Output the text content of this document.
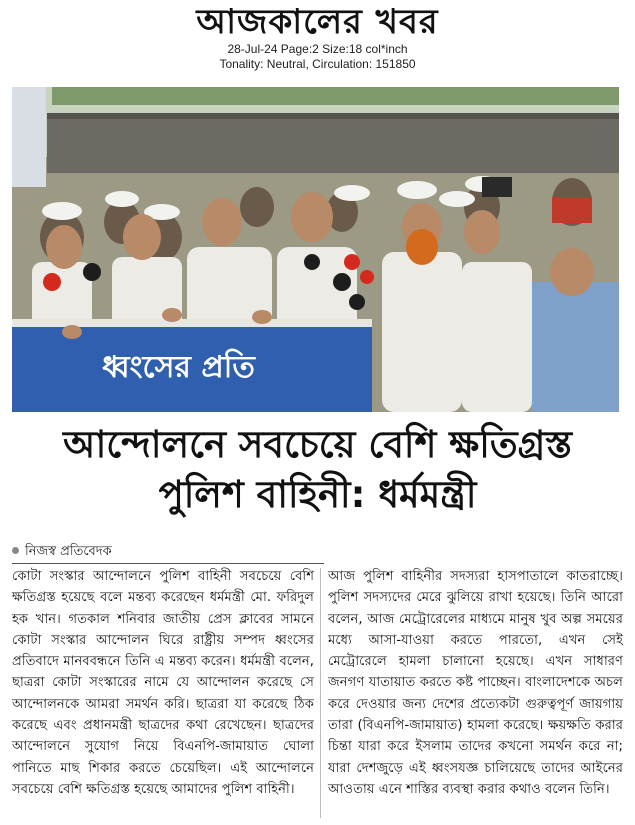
আজকালের খবর
28-Jul-24 Page:2 Size:18 col*inch
Tonality: Neutral, Circulation: 151850
ধ্বংসের প্রতি
আন্দোলনে সবচেয়ে বেশি ক্ষতিগ্রস্ত
পুলিশ বাহিনী: ধর্মমন্ত্রী
নিজস্ব প্রতিবেদক
কোটা সংস্কার আন্দোলনে পুলিশ বাহিনী সবচেয়ে বেশি ক্ষতিগ্রস্ত হয়েছে বলে মন্তব্য করেছেন ধর্মমন্ত্রী মো. ফরিদুল হক খান। গতকাল শনিবার জাতীয় প্রেস ক্লাবের সামনে কোটা সংস্কার আন্দোলন ঘিরে রাষ্ট্রীয় সম্পদ ধ্বংসের প্রতিবাদে মানববন্ধনে তিনি এ মন্তব্য করেন। ধর্মমন্ত্রী বলেন, ছাত্ররা কোটা সংস্কারের নামে যে আন্দোলন করেছে সে আন্দোলনকে আমরা সমর্থন করি। ছাত্ররা যা করেছে ঠিক করেছে এবং প্রধানমন্ত্রী ছাত্রদের কথা রেখেছেন। ছাত্রদের আন্দোলনে সুযোগ নিয়ে বিএনপি-জামায়াত ঘোলা পানিতে মাছ শিকার করতে চেয়েছিল। এই আন্দোলনে সবচেয়ে বেশি ক্ষতিগ্রস্ত হয়েছে আমাদের পুলিশ বাহিনী।
আজ পুলিশ বাহিনীর সদস্যরা হাসপাতালে কাতরাচ্ছে। পুলিশ সদস্যদের মেরে ঝুলিয়ে রাখা হয়েছে। তিনি আরো বলেন, আজ মেট্রোরেলের মাধ্যমে মানুষ খুব অল্প সময়ের মধ্যে আসা-যাওয়া করতে পারতো, এখন সেই মেট্রোরেলে হামলা চালানো হয়েছে। এখন সাধারণ জনগণ যাতায়াত করতে কষ্ট পাচ্ছেন। বাংলাদেশকে অচল করে দেওয়ার জন্য দেশের প্রত্যেকটা গুরুত্বপূর্ণ জায়গায় তারা (বিএনপি-জামায়াত) হামলা করেছে। ক্ষয়ক্ষতি করার চিন্তা যারা করে ইসলাম তাদের কখনো সমর্থন করে না; যারা দেশজুড়ে এই ধ্বংসযজ্ঞ চালিয়েছে তাদের আইনের আওতায় এনে শাস্তির ব্যবস্থা করার কথাও বলেন তিনি।
